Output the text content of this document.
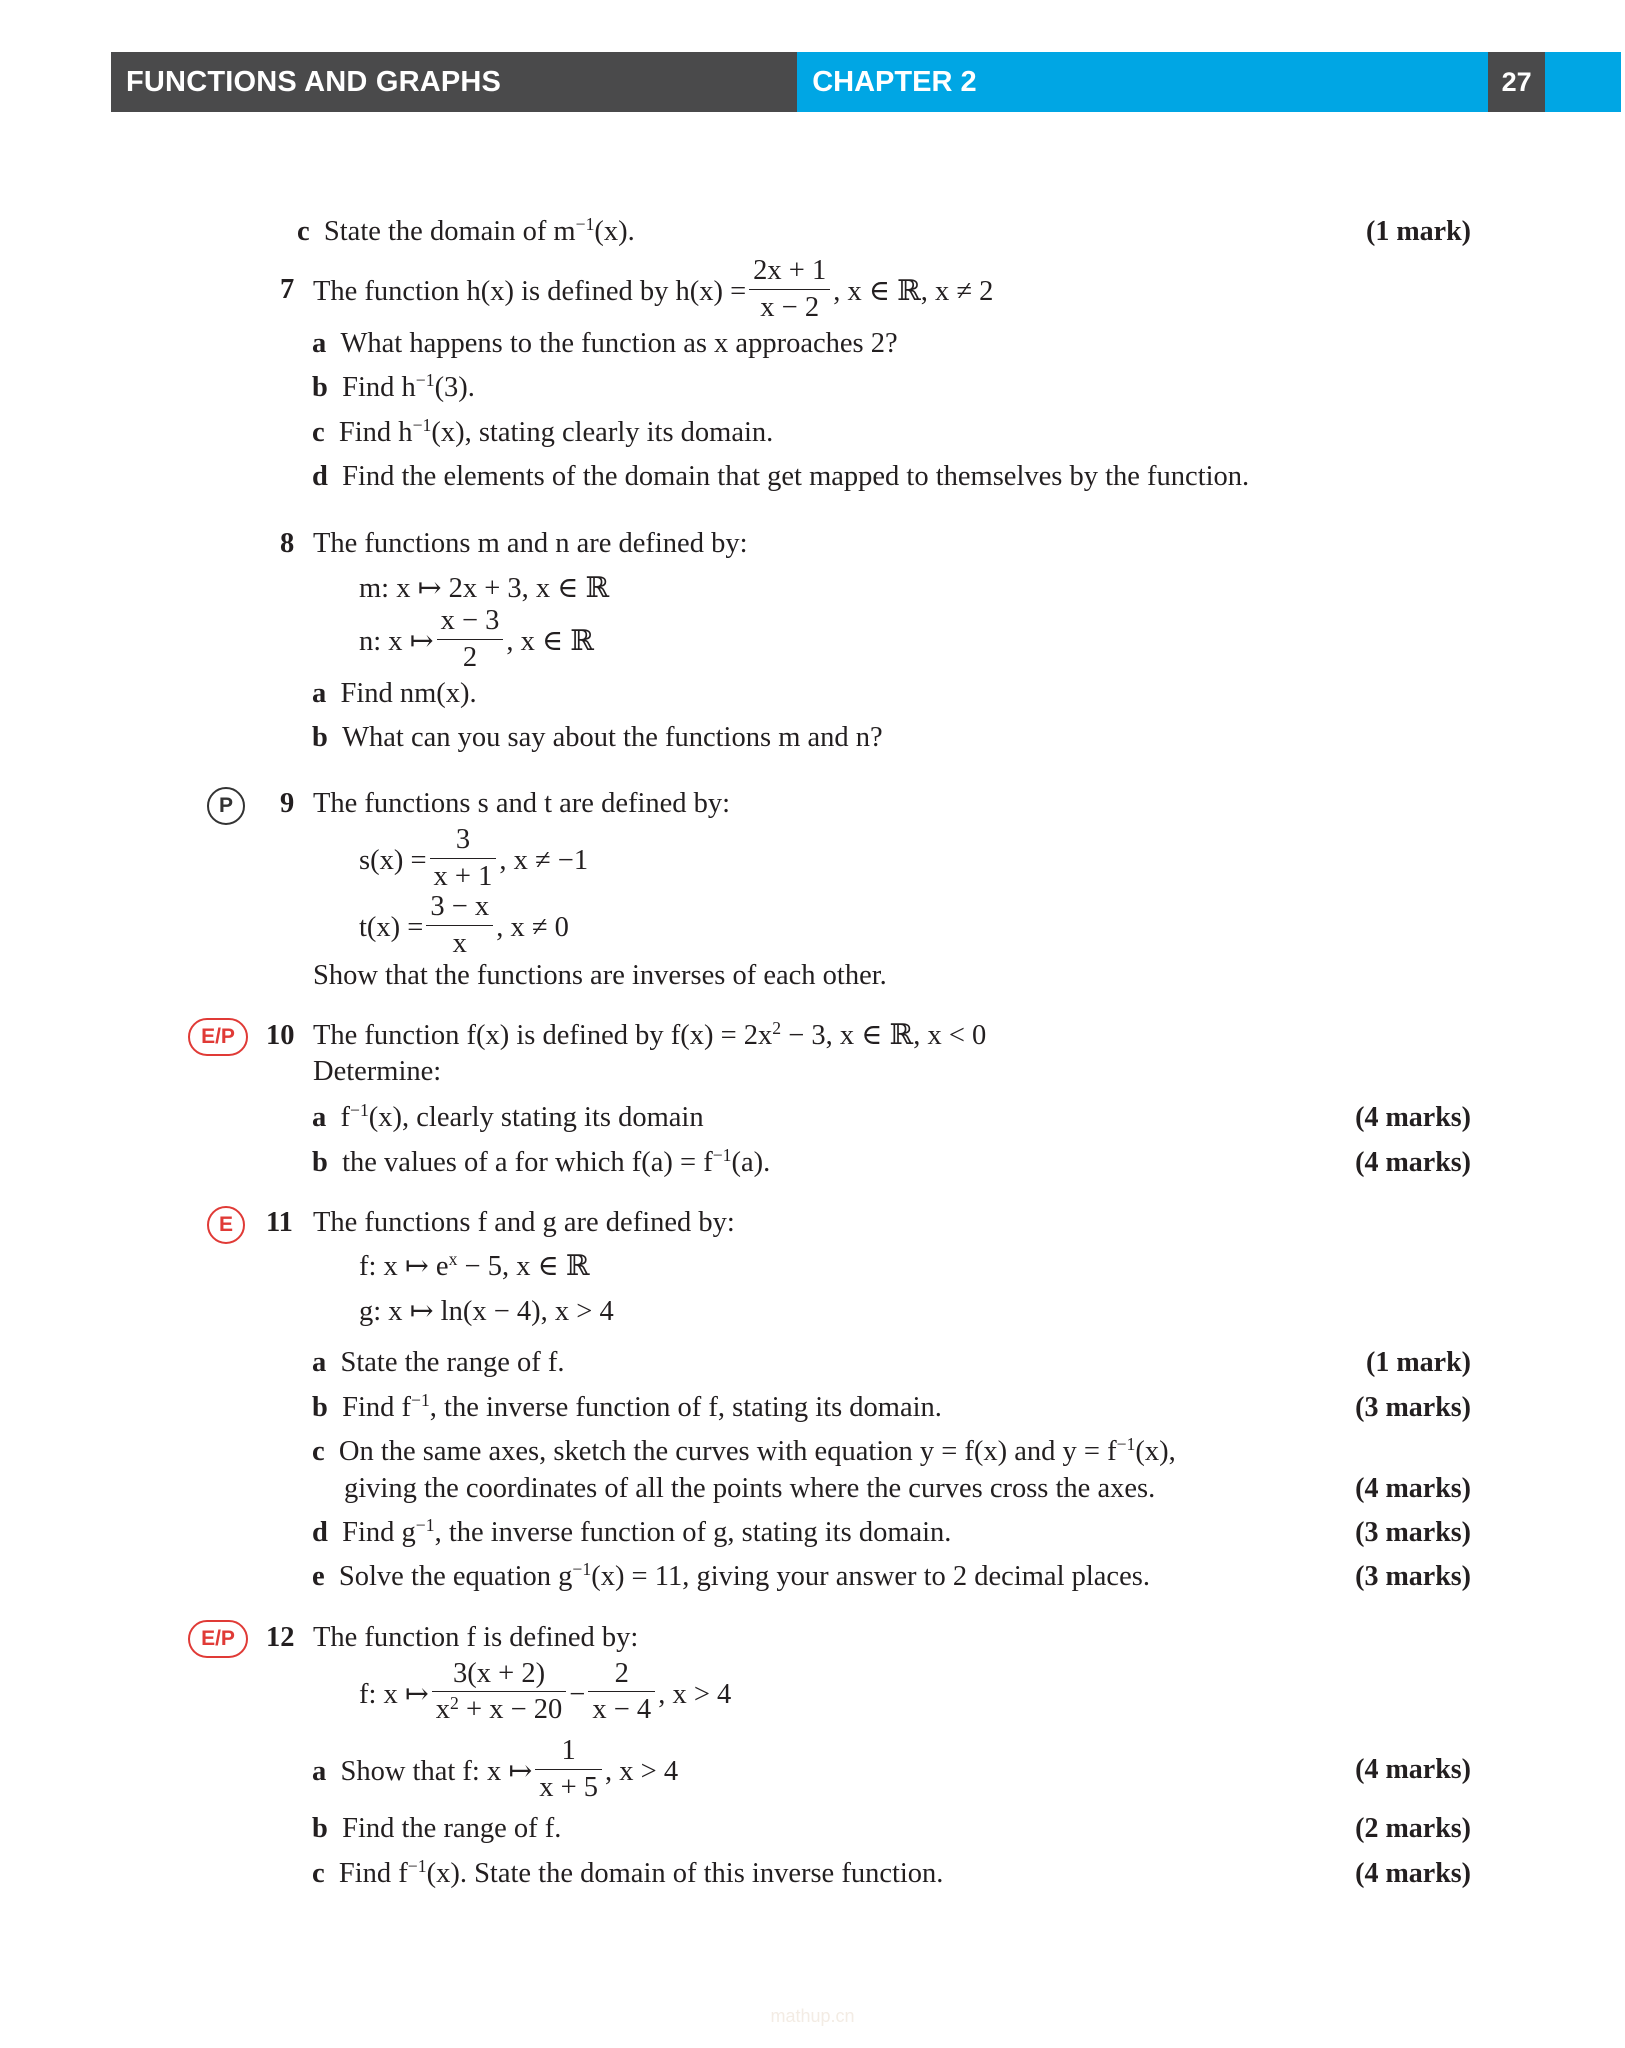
FUNCTIONS AND GRAPHS	CHAPTER 2	27
c State the domain of $m^{-1}(x)$.	(1 mark)
7 The function h(x) is defined by $h(x) = \frac{2x + 1}{x - 2}$ , x ∈ ℝ, x ≠ 2
a What happens to the function as x approaches 2?
b Find $h^{-1}(3)$.
c Find $h^{-1}(x)$, stating clearly its domain.
d Find the elements of the domain that get mapped to themselves by the function.
8 The functions m and n are defined by:
m: x ↦ 2x + 3, x ∈ ℝ
n: x ↦ $\frac{x - 3}{2}$ , x ∈ ℝ
a Find nm(x).
b What can you say about the functions m and n?
P	9 The functions s and t are defined by:
$s(x) = \frac{3}{x + 1}$ , x ≠ −1
$t(x) = \frac{3 - x}{x}$ , x ≠ 0
Show that the functions are inverses of each other.
E/P	10 The function f(x) is defined by $f(x) = 2x^2 - 3$, x ∈ ℝ, x < 0
Determine:
a $f^{-1}(x)$, clearly stating its domain	(4 marks)
b the values of a for which $f(a) = f^{-1}(a)$.	(4 marks)
E	11 The functions f and g are defined by:
f: x ↦ $e^x - 5$, x ∈ ℝ
g: x ↦ ln(x − 4), x > 4
a State the range of f.	(1 mark)
b Find $f^{-1}$, the inverse function of f, stating its domain.	(3 marks)
c On the same axes, sketch the curves with equation y = f(x) and $y = f^{-1}(x)$,
giving the coordinates of all the points where the curves cross the axes.	(4 marks)
d Find $g^{-1}$, the inverse function of g, stating its domain.	(3 marks)
e Solve the equation $g^{-1}(x) = 11$, giving your answer to 2 decimal places.	(3 marks)
E/P	12 The function f is defined by:
f: x ↦ $\frac{3(x + 2)}{x^2 + x - 20} - \frac{2}{x - 4}$ , x > 4
a Show that f: x ↦ $\frac{1}{x + 5}$ , x > 4	(4 marks)
b Find the range of f.	(2 marks)
c Find $f^{-1}(x)$. State the domain of this inverse function.	(4 marks)
mathup.cn
